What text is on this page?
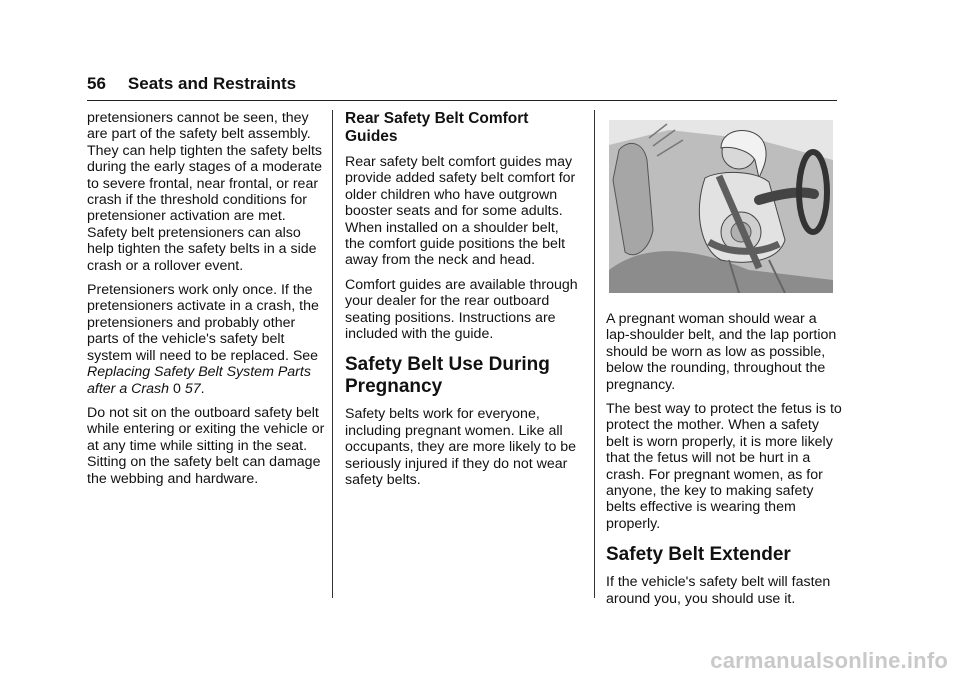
56 Seats and Restraints

pretensioners cannot be seen, they are part of the safety belt assembly. They can help tighten the safety belts during the early stages of a moderate to severe frontal, near frontal, or rear crash if the threshold conditions for pretensioner activation are met. Safety belt pretensioners can also help tighten the safety belts in a side crash or a rollover event.

Pretensioners work only once. If the pretensioners activate in a crash, the pretensioners and probably other parts of the vehicle's safety belt system will need to be replaced. See Replacing Safety Belt System Parts after a Crash 0 57.

Do not sit on the outboard safety belt while entering or exiting the vehicle or at any time while sitting in the seat. Sitting on the safety belt can damage the webbing and hardware.

Rear Safety Belt Comfort Guides

Rear safety belt comfort guides may provide added safety belt comfort for older children who have outgrown booster seats and for some adults. When installed on a shoulder belt, the comfort guide positions the belt away from the neck and head.

Comfort guides are available through your dealer for the rear outboard seating positions. Instructions are included with the guide.

Safety Belt Use During Pregnancy

Safety belts work for everyone, including pregnant women. Like all occupants, they are more likely to be seriously injured if they do not wear safety belts.

A pregnant woman should wear a lap-shoulder belt, and the lap portion should be worn as low as possible, below the rounding, throughout the pregnancy.

The best way to protect the fetus is to protect the mother. When a safety belt is worn properly, it is more likely that the fetus will not be hurt in a crash. For pregnant women, as for anyone, the key to making safety belts effective is wearing them properly.

Safety Belt Extender

If the vehicle's safety belt will fasten around you, you should use it.

carmanualsonline.info
